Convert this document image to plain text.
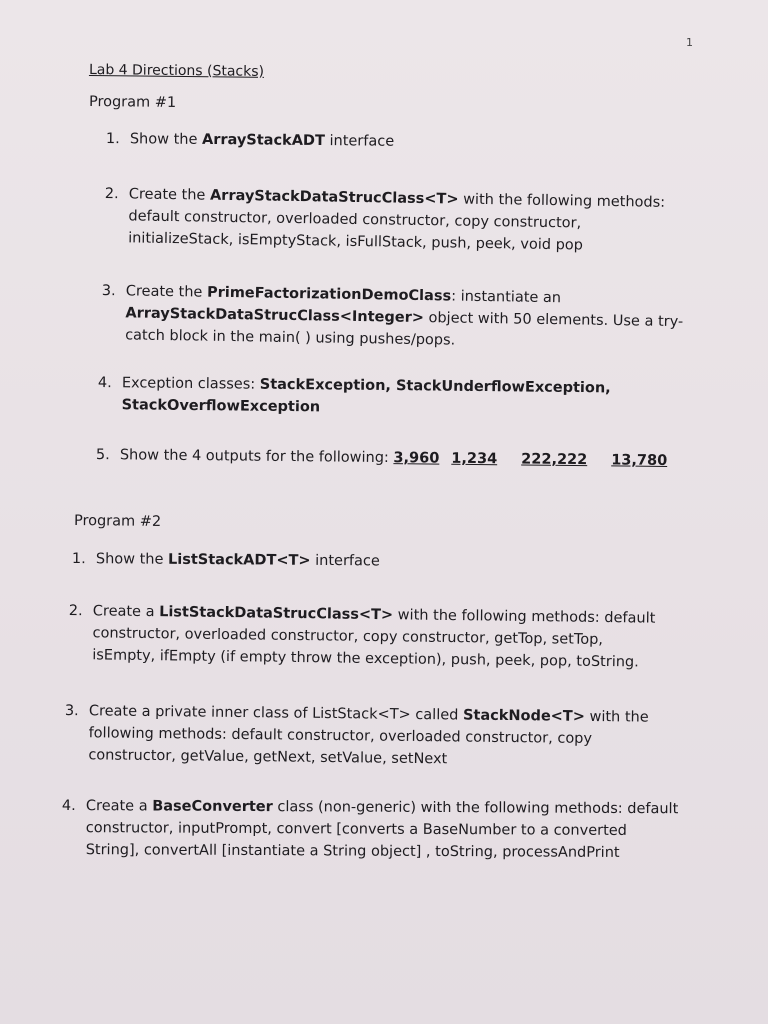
1
Lab 4 Directions (Stacks)
Program #1
1. Show the ArrayStackADT interface
2. Create the ArrayStackDataStrucClass<T> with the following methods:
default constructor, overloaded constructor, copy constructor,
initializeStack, isEmptyStack, isFullStack, push, peek, void pop
3. Create the PrimeFactorizationDemoClass: instantiate an
ArrayStackDataStrucClass<Integer> object with 50 elements. Use a try-
catch block in the main( ) using pushes/pops.
4. Exception classes: StackException, StackUnderflowException,
StackOverflowException
5. Show the 4 outputs for the following: 3,960 1,234 222,222 13,780
Program #2
1. Show the ListStackADT<T> interface
2. Create a ListStackDataStrucClass<T> with the following methods: default
constructor, overloaded constructor, copy constructor, getTop, setTop,
isEmpty, ifEmpty (if empty throw the exception), push, peek, pop, toString.
3. Create a private inner class of ListStack<T> called StackNode<T> with the
following methods: default constructor, overloaded constructor, copy
constructor, getValue, getNext, setValue, setNext
4. Create a BaseConverter class (non-generic) with the following methods: default
constructor, inputPrompt, convert [converts a BaseNumber to a converted
String], convertAll [instantiate a String object] , toString, processAndPrint
